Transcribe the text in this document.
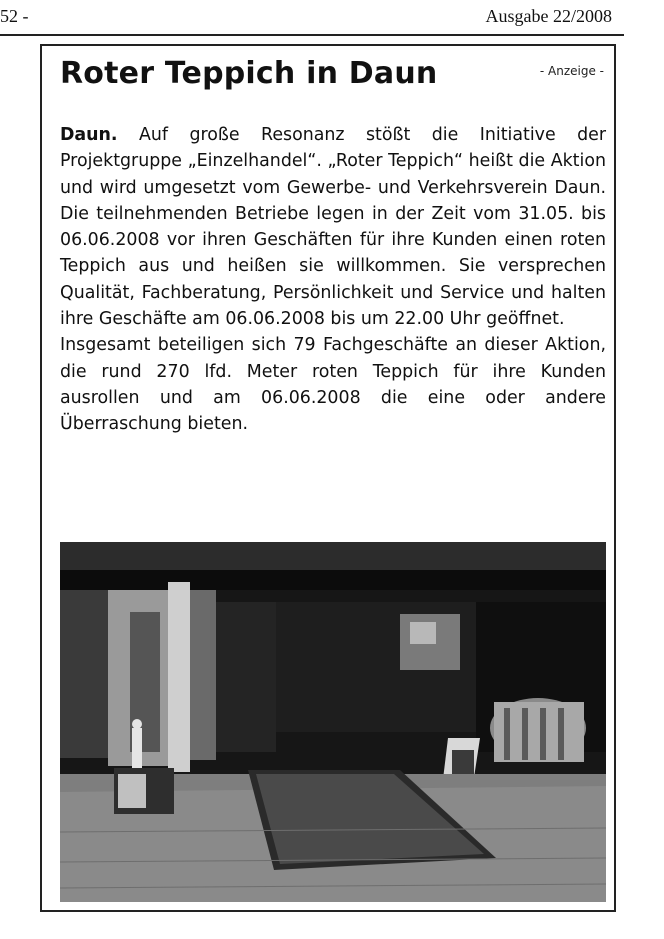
52 -	Ausgabe 22/2008
Roter Teppich in Daun	- Anzeige -

Daun. Auf große Resonanz stößt die Initiative der Projektgruppe „Einzelhandel“. „Roter Teppich“ heißt die Aktion und wird umgesetzt vom Gewerbe- und Verkehrsverein Daun. Die teilnehmenden Betriebe legen in der Zeit vom 31.05. bis 06.06.2008 vor ihren Geschäften für ihre Kunden einen roten Teppich aus und heißen sie willkommen. Sie versprechen Qualität, Fachberatung, Persönlichkeit und Service und halten ihre Geschäfte am 06.06.2008 bis um 22.00 Uhr geöffnet.

Insgesamt beteiligen sich 79 Fachgeschäfte an dieser Aktion, die rund 270 lfd. Meter roten Teppich für ihre Kunden ausrollen und am 06.06.2008 die eine oder andere Überraschung bieten.
